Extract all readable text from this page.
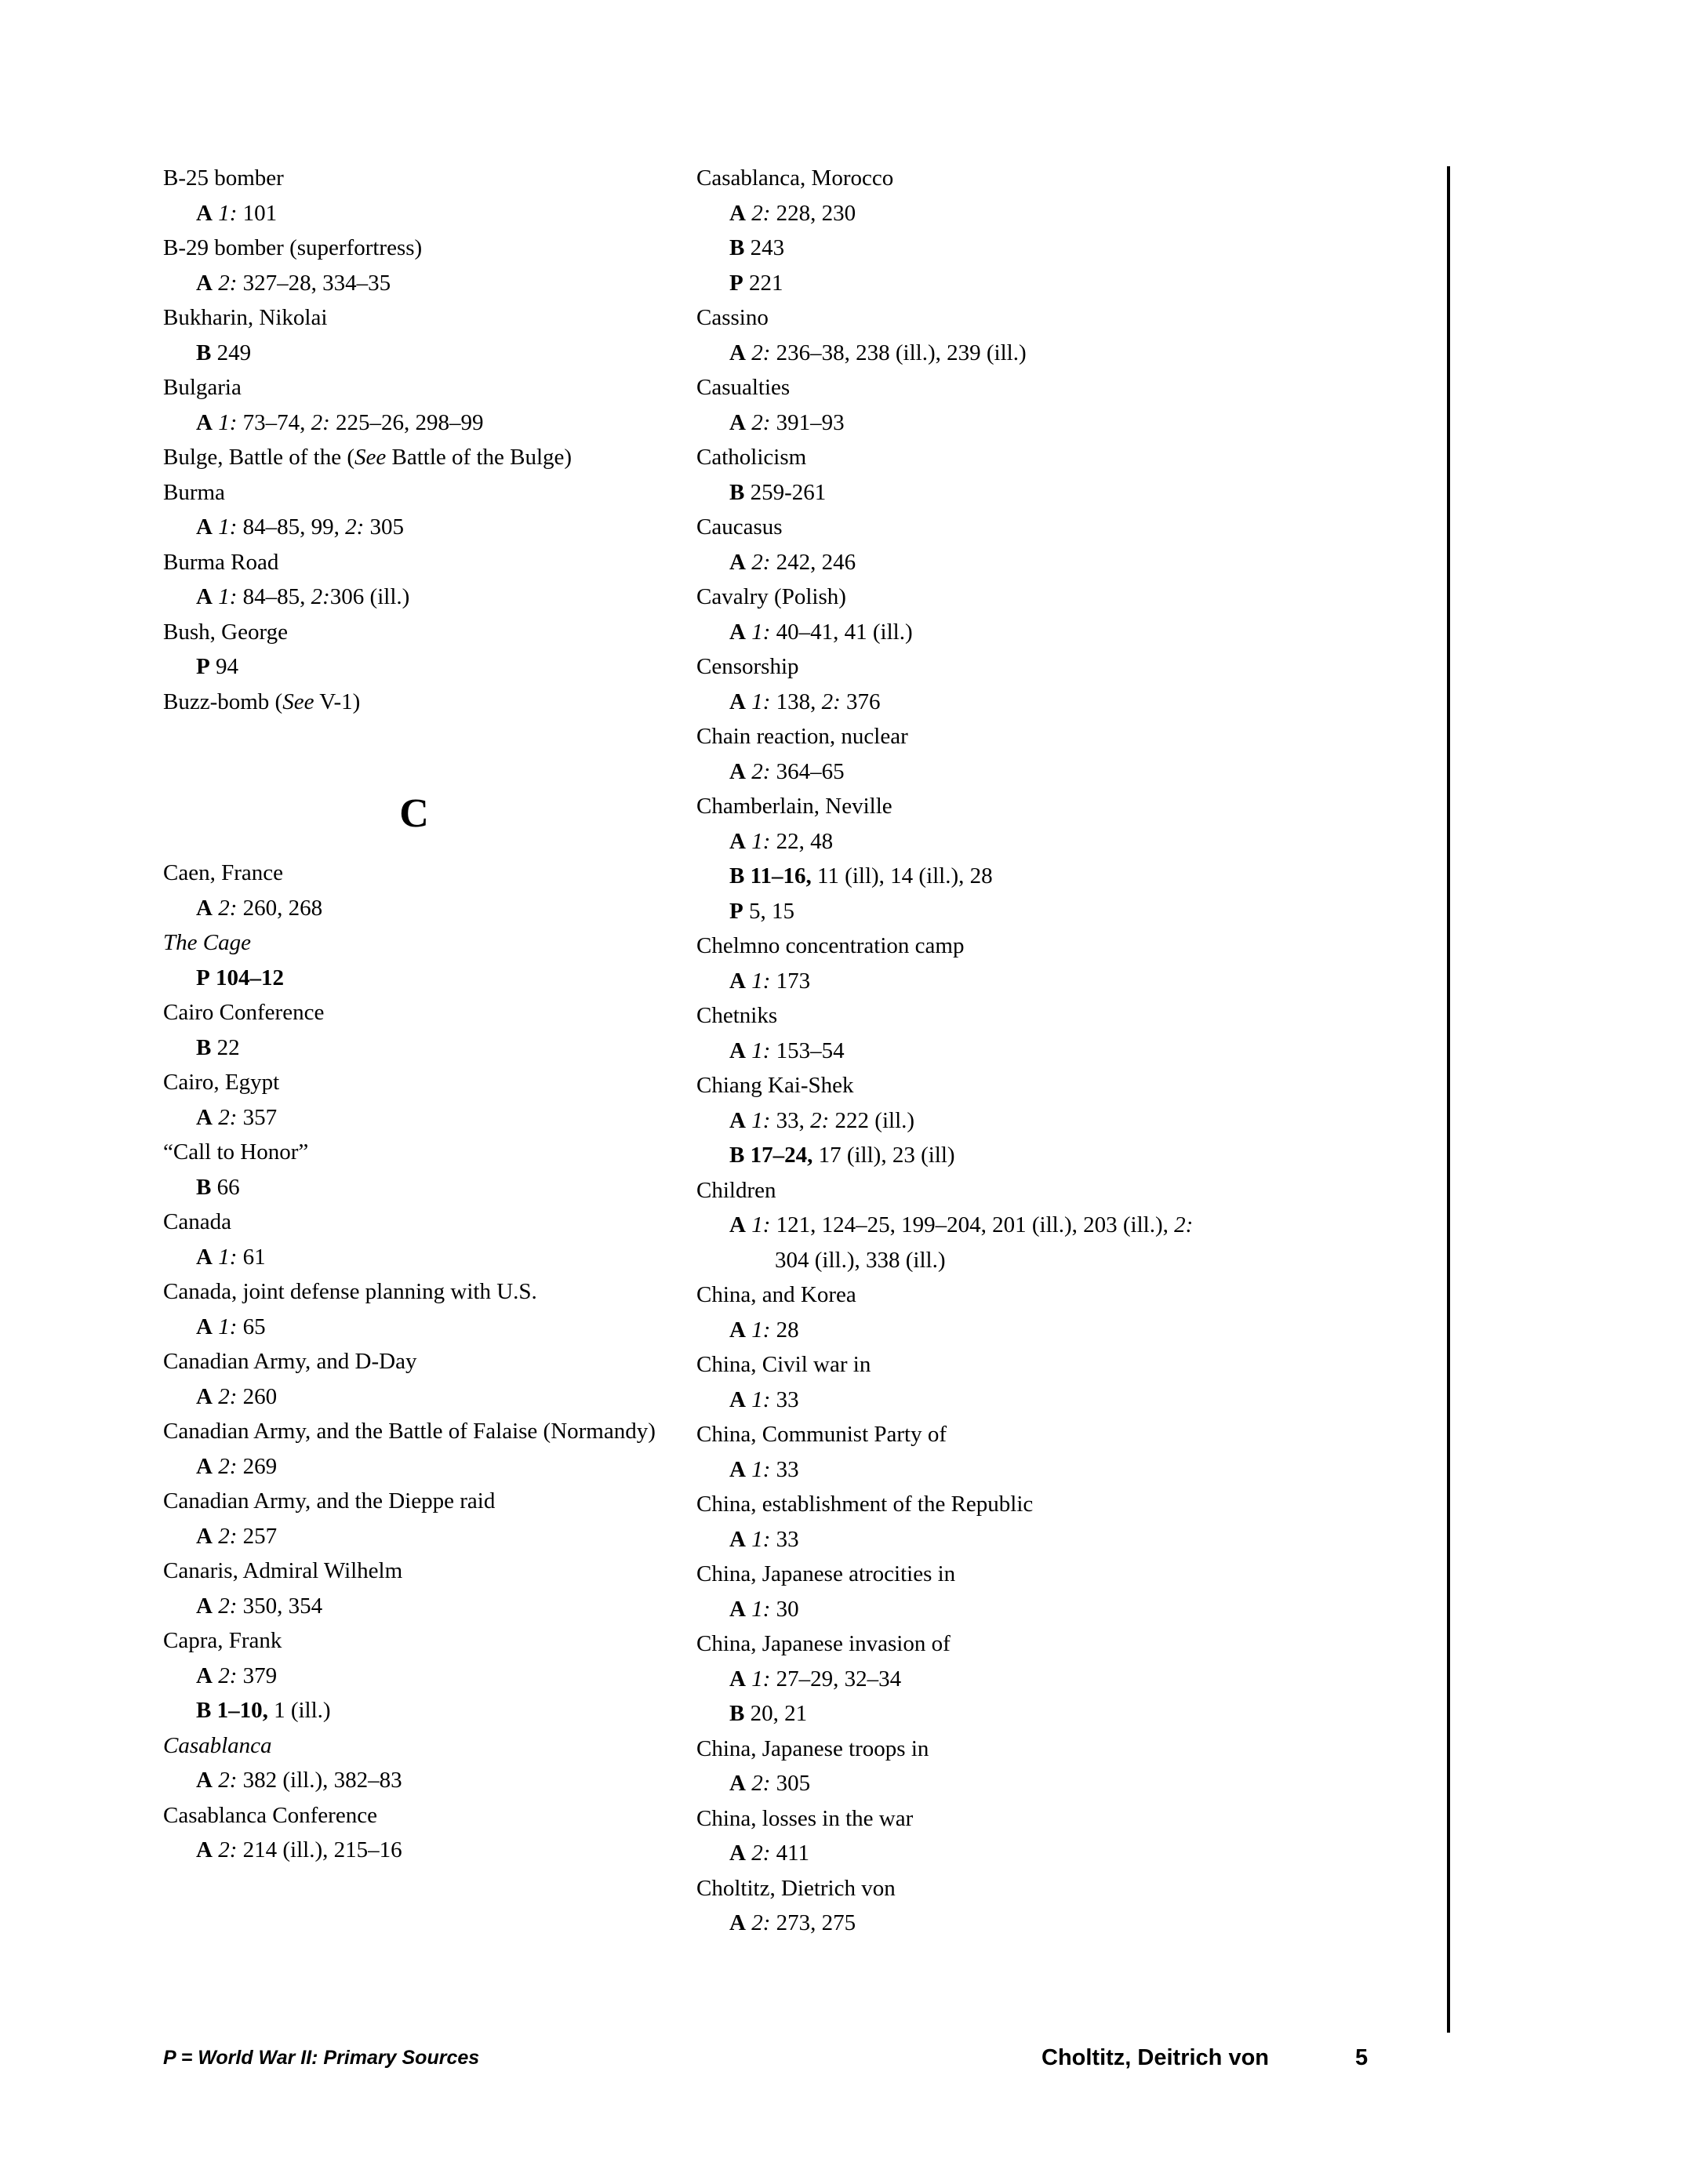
B-25 bomber
A 1: 101
B-29 bomber (superfortress)
A 2: 327–28, 334–35
Bukharin, Nikolai
B 249
Bulgaria
A 1: 73–74, 2: 225–26, 298–99
Bulge, Battle of the (See Battle of the Bulge)
Burma
A 1: 84–85, 99, 2: 305
Burma Road
A 1: 84–85, 2:306 (ill.)
Bush, George
P 94
Buzz-bomb (See V-1)
C
Caen, France
A 2: 260, 268
The Cage
P 104–12
Cairo Conference
B 22
Cairo, Egypt
A 2: 357
“Call to Honor”
B 66
Canada
A 1: 61
Canada, joint defense planning with U.S.
A 1: 65
Canadian Army, and D-Day
A 2: 260
Canadian Army, and the Battle of Falaise (Normandy)
A 2: 269
Canadian Army, and the Dieppe raid
A 2: 257
Canaris, Admiral Wilhelm
A 2: 350, 354
Capra, Frank
A 2: 379
B 1–10, 1 (ill.)
Casablanca
A 2: 382 (ill.), 382–83
Casablanca Conference
A 2: 214 (ill.), 215–16
Casablanca, Morocco
A 2: 228, 230
B 243
P 221
Cassino
A 2: 236–38, 238 (ill.), 239 (ill.)
Casualties
A 2: 391–93
Catholicism
B 259-261
Caucasus
A 2: 242, 246
Cavalry (Polish)
A 1: 40–41, 41 (ill.)
Censorship
A 1: 138, 2: 376
Chain reaction, nuclear
A 2: 364–65
Chamberlain, Neville
A 1: 22, 48
B 11–16, 11 (ill), 14 (ill.), 28
P 5, 15
Chelmno concentration camp
A 1: 173
Chetniks
A 1: 153–54
Chiang Kai-Shek
A 1: 33, 2: 222 (ill.)
B 17–24, 17 (ill), 23 (ill)
Children
A 1: 121, 124–25, 199–204, 201 (ill.), 203 (ill.), 2: 304 (ill.), 338 (ill.)
China, and Korea
A 1: 28
China, Civil war in
A 1: 33
China, Communist Party of
A 1: 33
China, establishment of the Republic
A 1: 33
China, Japanese atrocities in
A 1: 30
China, Japanese invasion of
A 1: 27–29, 32–34
B 20, 21
China, Japanese troops in
A 2: 305
China, losses in the war
A 2: 411
Choltitz, Dietrich von
A 2: 273, 275
P = World War II: Primary Sources	Choltitz, Deitrich von	5
